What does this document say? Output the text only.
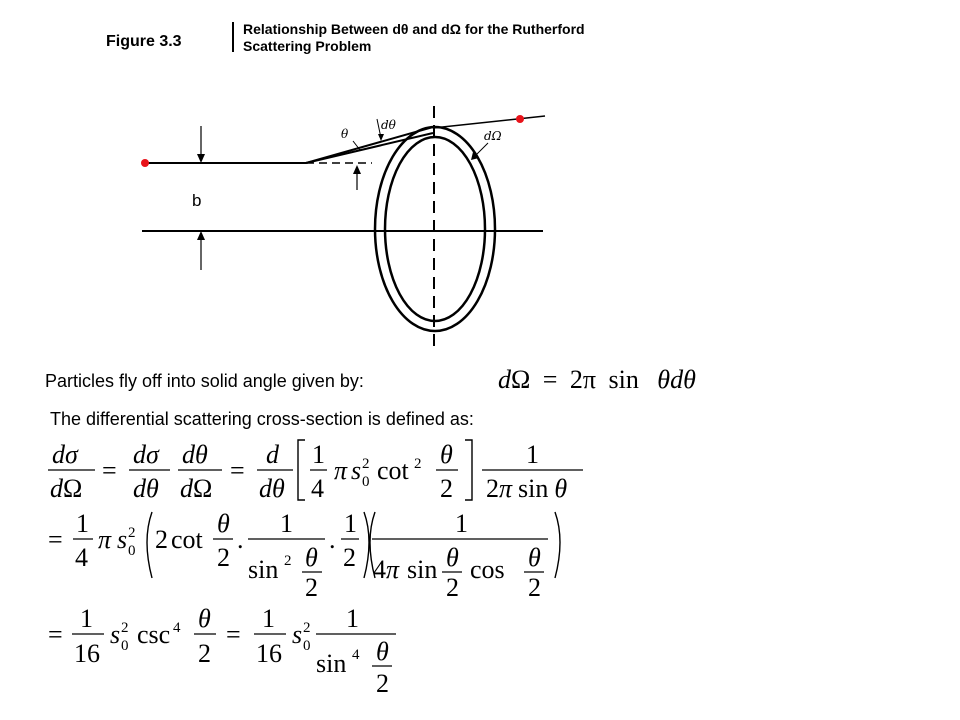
Figure 3.3
Relationship Between dθ and dΩ for the Rutherford
Scattering Problem
b
θ
dθ
dΩ
Particles fly off into solid angle given by:
The differential scattering cross-section is defined as:
dΩ = 2π sin θdθ
dσ
dΩ
=
dσ
dθ
dθ
dΩ
=
d
dθ
1
4
π s 2
0 cot 2 θ
2
1
2π sin θ
=
1
4
π s 2
0 2 cot
θ
2
.
1
sin 2 θ
2
.
1
2
1
4 π sin θ
2
cos θ
2
=
1
16
s 2
0 csc 4 θ
2
=
1
16
s 2
0
1
sin 4 θ
2
